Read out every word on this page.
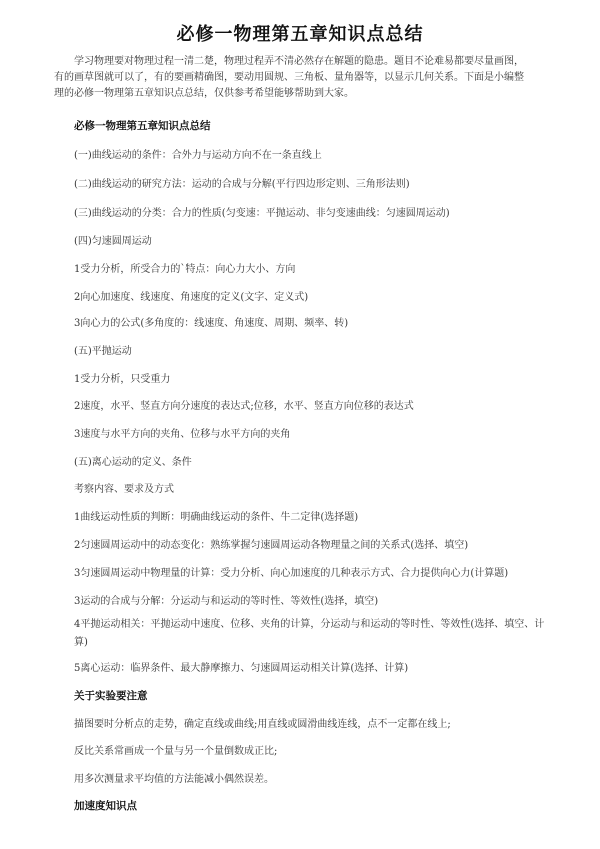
必修一物理第五章知识点总结
学习物理要对物理过程一清二楚，物理过程弄不清必然存在解题的隐患。题目不论难易都要尽量画图，
有的画草图就可以了，有的要画精确图，要动用圆规、三角板、量角器等，以显示几何关系。下面是小编整
理的必修一物理第五章知识点总结，仅供参考希望能够帮助到大家。
必修一物理第五章知识点总结
(一)曲线运动的条件：合外力与运动方向不在一条直线上
(二)曲线运动的研究方法：运动的合成与分解(平行四边形定则、三角形法则)
(三)曲线运动的分类：合力的性质(匀变速：平抛运动、非匀变速曲线：匀速圆周运动)
(四)匀速圆周运动
1受力分析，所受合力的`特点：向心力大小、方向
2向心加速度、线速度、角速度的定义(文字、定义式)
3向心力的公式(多角度的：线速度、角速度、周期、频率、转)
(五)平抛运动
1受力分析，只受重力
2速度，水平、竖直方向分速度的表达式;位移，水平、竖直方向位移的表达式
3速度与水平方向的夹角、位移与水平方向的夹角
(五)离心运动的定义、条件
考察内容、要求及方式
1曲线运动性质的判断：明确曲线运动的条件、牛二定律(选择题)
2匀速圆周运动中的动态变化：熟练掌握匀速圆周运动各物理量之间的关系式(选择、填空)
3匀速圆周运动中物理量的计算：受力分析、向心加速度的几种表示方式、合力提供向心力(计算题)
3运动的合成与分解：分运动与和运动的等时性、等效性(选择，填空)
4平抛运动相关：平抛运动中速度、位移、夹角的计算，分运动与和运动的等时性、等效性(选择、填空、计算)
5离心运动：临界条件、最大静摩擦力、匀速圆周运动相关计算(选择、计算)
关于实验要注意
描图要时分析点的走势，确定直线或曲线;用直线或圆滑曲线连线，点不一定都在线上;
反比关系常画成一个量与另一个量倒数成正比;
用多次测量求平均值的方法能减小偶然误差。
加速度知识点
